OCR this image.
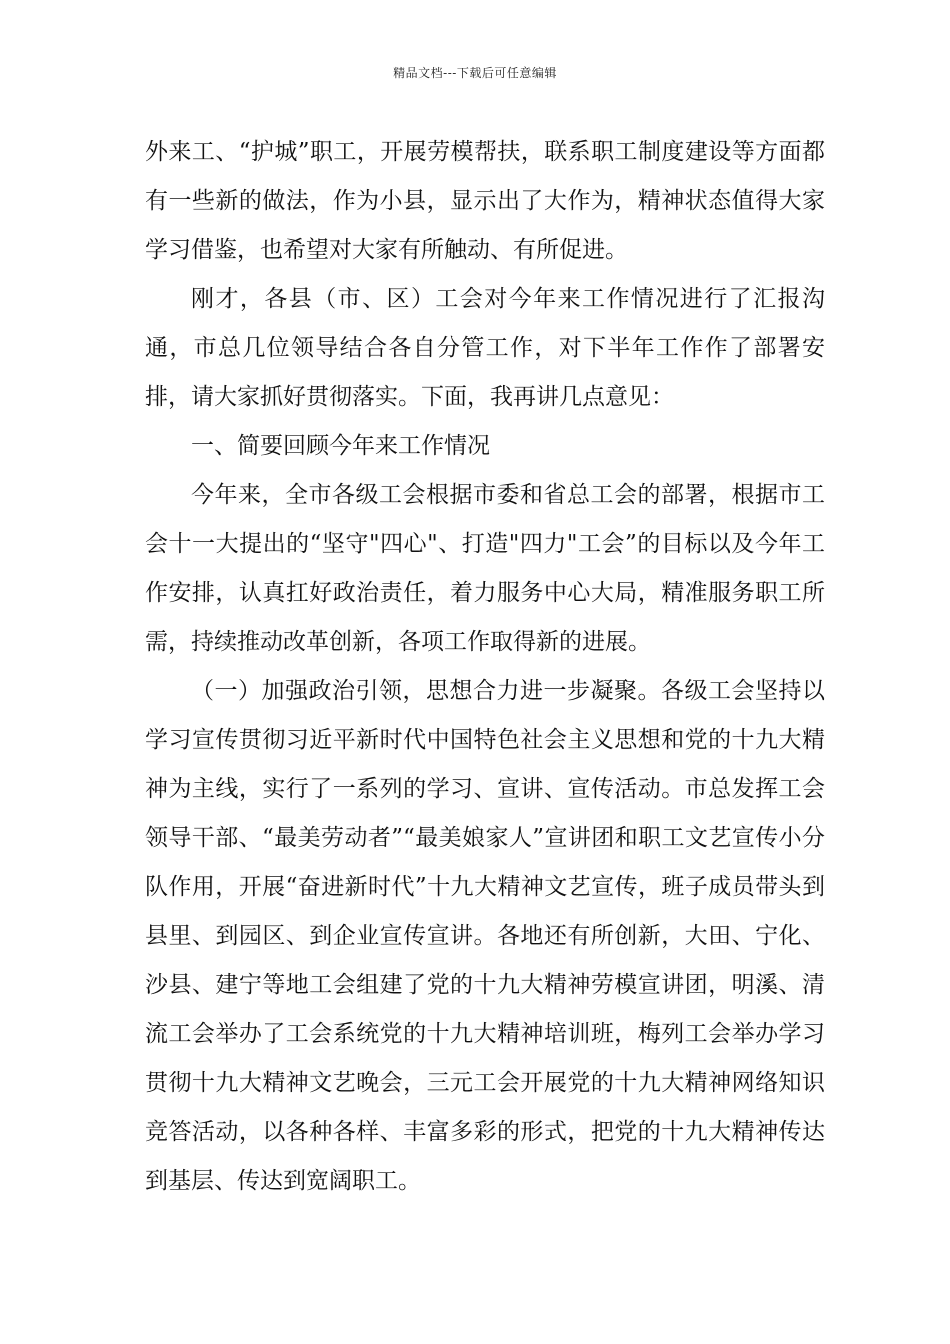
精品文档---下载后可任意编辑

外来工、“护城”职工，开展劳模帮扶，联系职工制度建设等方面都有一些新的做法，作为小县，显示出了大作为，精神状态值得大家学习借鉴，也希望对大家有所触动、有所促进。

刚才，各县（市、区）工会对今年来工作情况进行了汇报沟通，市总几位领导结合各自分管工作，对下半年工作作了部署安排，请大家抓好贯彻落实。下面，我再讲几点意见：

一、简要回顾今年来工作情况

今年来，全市各级工会根据市委和省总工会的部署，根据市工会十一大提出的“坚守"四心"、打造"四力"工会”的目标以及今年工作安排，认真扛好政治责任，着力服务中心大局，精准服务职工所需，持续推动改革创新，各项工作取得新的进展。

（一）加强政治引领，思想合力进一步凝聚。各级工会坚持以学习宣传贯彻习近平新时代中国特色社会主义思想和党的十九大精神为主线，实行了一系列的学习、宣讲、宣传活动。市总发挥工会领导干部、“最美劳动者”“最美娘家人”宣讲团和职工文艺宣传小分队作用，开展“奋进新时代”十九大精神文艺宣传，班子成员带头到县里、到园区、到企业宣传宣讲。各地还有所创新，大田、宁化、沙县、建宁等地工会组建了党的十九大精神劳模宣讲团，明溪、清流工会举办了工会系统党的十九大精神培训班，梅列工会举办学习贯彻十九大精神文艺晚会，三元工会开展党的十九大精神网络知识竞答活动，以各种各样、丰富多彩的形式，把党的十九大精神传达到基层、传达到宽阔职工。
